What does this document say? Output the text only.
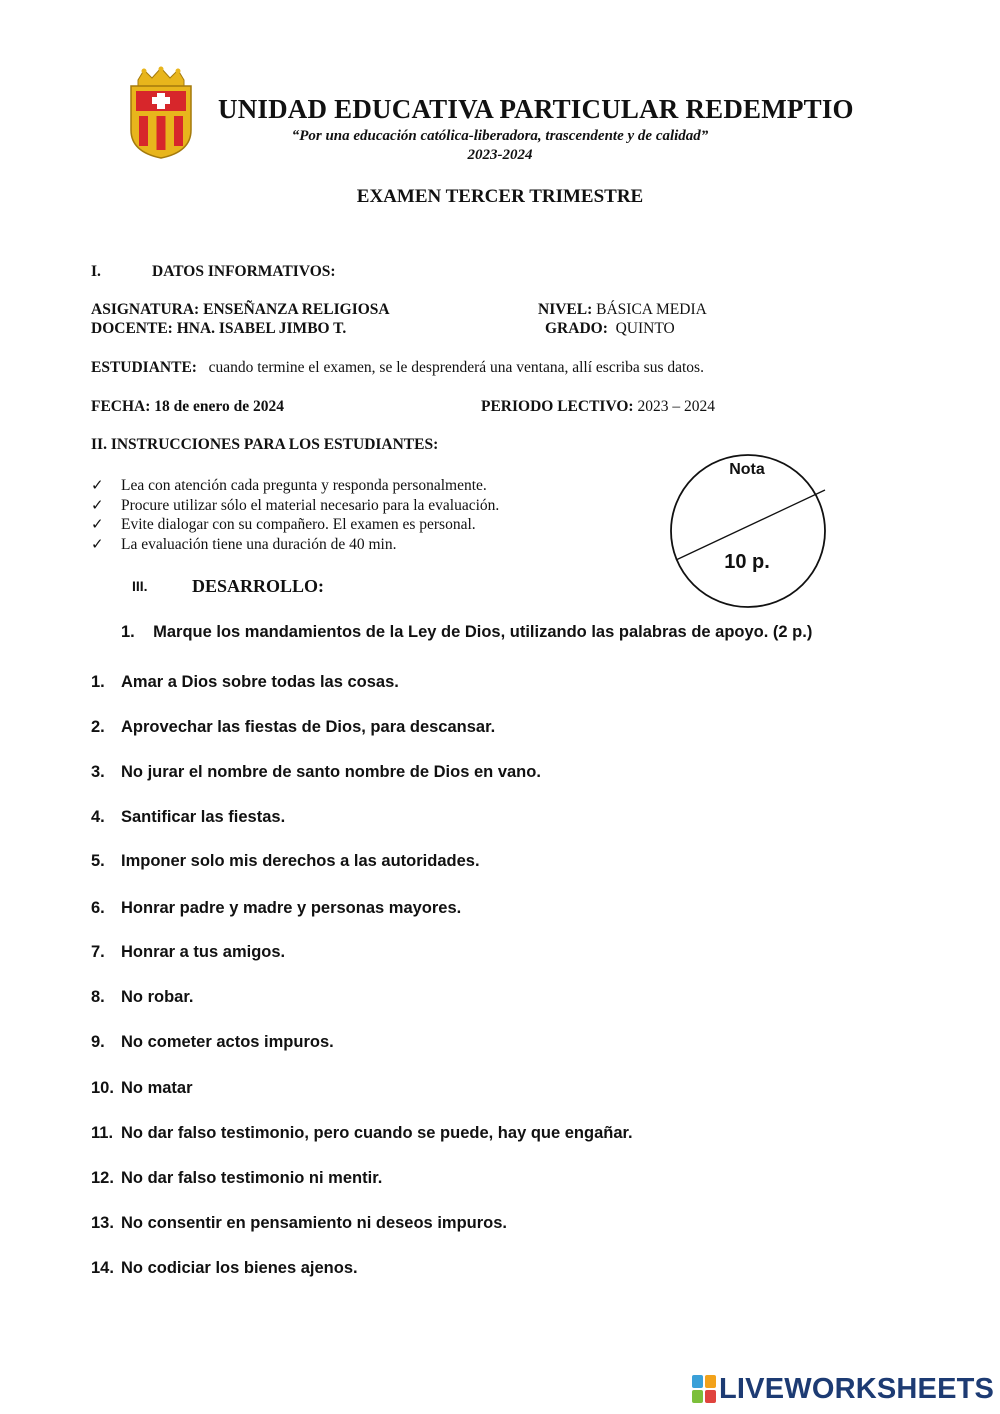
UNIDAD EDUCATIVA PARTICULAR REDEMPTIO
“Por una educación católica-liberadora, trascendente y de calidad”
2023-2024
EXAMEN TERCER TRIMESTRE
I.	DATOS INFORMATIVOS:
ASIGNATURA: ENSEÑANZA RELIGIOSA	NIVEL: BÁSICA MEDIA
DOCENTE: HNA. ISABEL JIMBO T.	GRADO: QUINTO
ESTUDIANTE: cuando termine el examen, se le desprenderá una ventana, allí escriba sus datos.
FECHA: 18 de enero de 2024	PERIODO LECTIVO: 2023 – 2024
II. INSTRUCCIONES PARA LOS ESTUDIANTES:
✓ Lea con atención cada pregunta y responda personalmente.
✓ Procure utilizar sólo el material necesario para la evaluación.
✓ Evite dialogar con su compañero. El examen es personal.
✓ La evaluación tiene una duración de 40 min.
Nota
10 p.
III. DESARROLLO:
1.    Marque los mandamientos de la Ley de Dios, utilizando las palabras de apoyo. (2 p.)
1. Amar a Dios sobre todas las cosas.
2. Aprovechar las fiestas de Dios, para descansar.
3. No jurar el nombre de santo nombre de Dios en vano.
4. Santificar las fiestas.
5. Imponer solo mis derechos a las autoridades.
6. Honrar padre y madre y personas mayores.
7. Honrar a tus amigos.
8. No robar.
9. No cometer actos impuros.
10. No matar
11. No dar falso testimonio, pero cuando se puede, hay que engañar.
12. No dar falso testimonio ni mentir.
13. No consentir en pensamiento ni deseos impuros.
14. No codiciar los bienes ajenos.
LIVEWORKSHEETS
